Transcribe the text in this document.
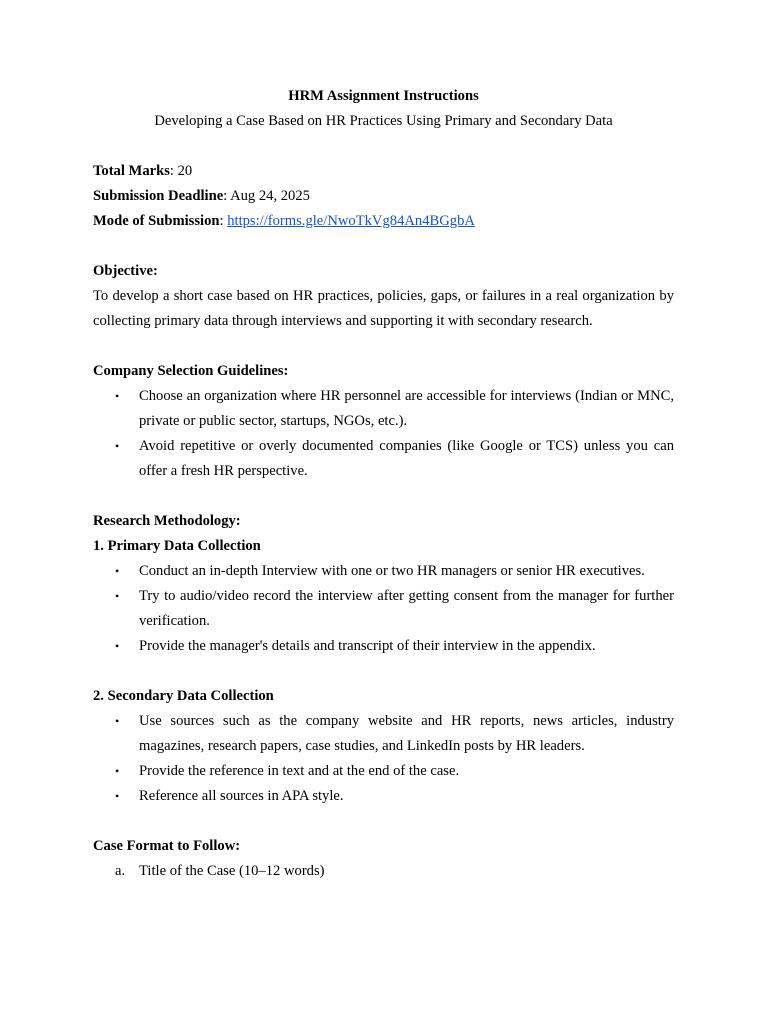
HRM Assignment Instructions

Developing a Case Based on HR Practices Using Primary and Secondary Data

Total Marks: 20

Submission Deadline: Aug 24, 2025

Mode of Submission: https://forms.gle/NwoTkVg84An4BGgbA

Objective:

To develop a short case based on HR practices, policies, gaps, or failures in a real organization by collecting primary data through interviews and supporting it with secondary research.

Company Selection Guidelines:

• Choose an organization where HR personnel are accessible for interviews (Indian or MNC, private or public sector, startups, NGOs, etc.).
• Avoid repetitive or overly documented companies (like Google or TCS) unless you can offer a fresh HR perspective.

Research Methodology:

1. Primary Data Collection

• Conduct an in-depth Interview with one or two HR managers or senior HR executives.
• Try to audio/video record the interview after getting consent from the manager for further verification.
• Provide the manager's details and transcript of their interview in the appendix.

2. Secondary Data Collection

• Use sources such as the company website and HR reports, news articles, industry magazines, research papers, case studies, and LinkedIn posts by HR leaders.
• Provide the reference in text and at the end of the case.
• Reference all sources in APA style.

Case Format to Follow:

a. Title of the Case (10–12 words)
